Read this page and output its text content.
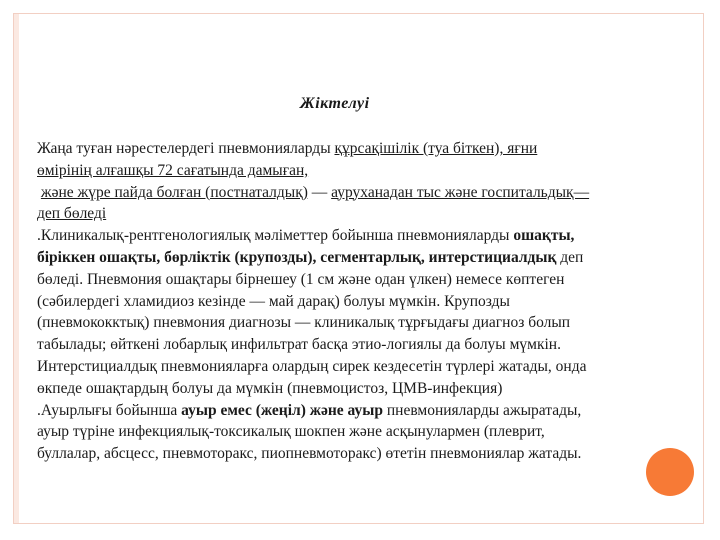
Жіктелуі
Жаңа туған нәрестелердегі пневмонияларды құрсақішілік (туа біткен), яғни
өмірінің алғашқы 72 сағатында дамыған,
және жүре пайда болған (постнаталдық) — ауруханадан тыс және госпитальдық—
деп бөледі
.Клиникалық-рентгенологиялық мәліметтер бойынша пневмонияларды ошақты,
біріккен ошақты, бөрліктік (крупозды), сегментарлық, интерстициалдық деп
бөледі. Пневмония ошақтары бірнешеу (1 см және одан үлкен) немесе көптеген
(сәбилердегі хламидиоз кезінде — май дарақ) болуы мүмкін. Крупозды
(пневмококктық) пневмония диагнозы — клиникалық тұрғыдағы диагноз болып
табылады; өйткені лобарлық инфильтрат басқа этио-логиялы да болуы мүмкін.
Интерстициалдық пневмонияларға олардың сирек кездесетін түрлері жатады, онда
өкпеде ошақтардың болуы да мүмкін (пневмоцистоз, ЦМВ-инфекция)
.Ауырлығы бойынша ауыр емес (жеңіл) және ауыр пневмонияларды ажыратады,
ауыр түріне инфекциялық-токсикалық шокпен және асқынулармен (плеврит,
буллалар, абсцесс, пневмоторакс, пиопневмоторакс) өтетін пневмониялар жатады.
